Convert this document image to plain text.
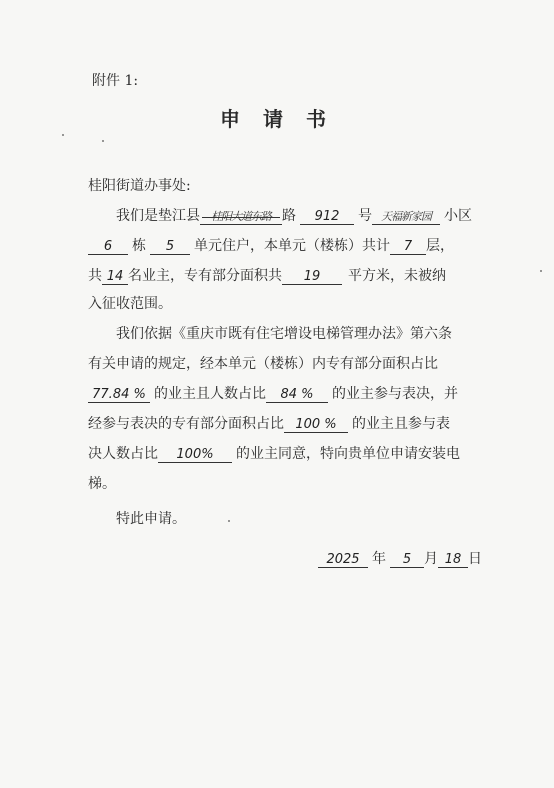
附件 1:
申 请 书
桂阳街道办事处:
我们是垫江县 桂阳大道东路 路 912 号 天福新家园 小区
6 栋 5 单元住户，本单元（楼栋）共计 7 层，
共 14 名业主，专有部分面积共 19 平方米，未被纳
入征收范围。
我们依据《重庆市既有住宅增设电梯管理办法》第六条
有关申请的规定，经本单元（楼栋）内专有部分面积占比
77.84 % 的业主且人数占比 84 % 的业主参与表决，并
经参与表决的专有部分面积占比 100 % 的业主且参与表
决人数占比 100% 的业主同意，特向贵单位申请安装电
梯。
特此申请。
2025 年 5 月 18 日
